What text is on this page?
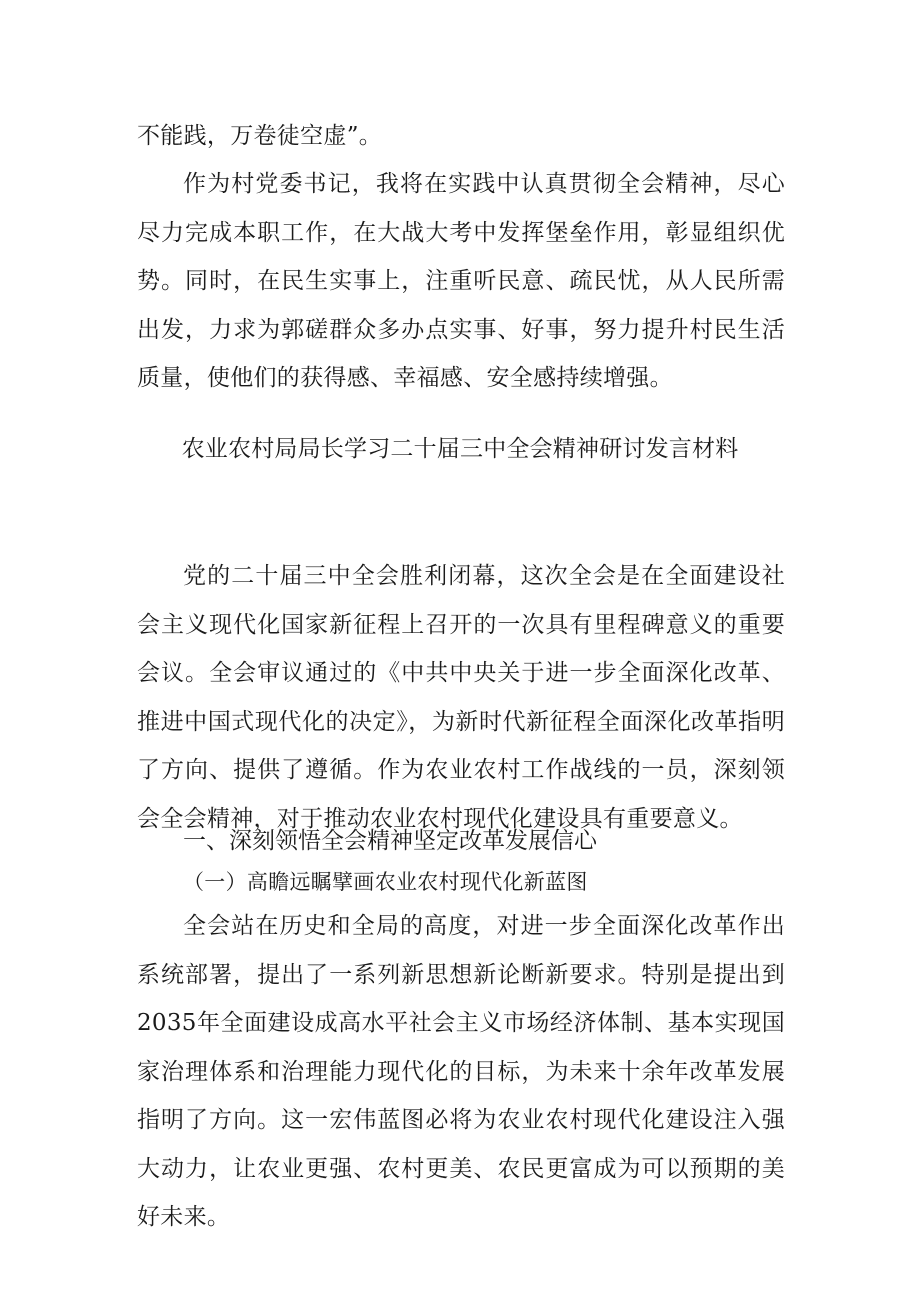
不能践，万卷徒空虚”。

作为村党委书记，我将在实践中认真贯彻全会精神，尽心尽力完成本职工作，在大战大考中发挥堡垒作用，彰显组织优势。同时，在民生实事上，注重听民意、疏民忧，从人民所需出发，力求为郭磋群众多办点实事、好事，努力提升村民生活质量，使他们的获得感、幸福感、安全感持续增强。

农业农村局局长学习二十届三中全会精神研讨发言材料

党的二十届三中全会胜利闭幕，这次全会是在全面建设社会主义现代化国家新征程上召开的一次具有里程碑意义的重要会议。全会审议通过的《中共中央关于进一步全面深化改革、推进中国式现代化的决定》，为新时代新征程全面深化改革指明了方向、提供了遵循。作为农业农村工作战线的一员，深刻领会全会精神，对于推动农业农村现代化建设具有重要意义。

一、深刻领悟全会精神坚定改革发展信心
（一）高瞻远瞩擘画农业农村现代化新蓝图

全会站在历史和全局的高度，对进一步全面深化改革作出系统部署，提出了一系列新思想新论断新要求。特别是提出到2035年全面建设成高水平社会主义市场经济体制、基本实现国家治理体系和治理能力现代化的目标，为未来十余年改革发展指明了方向。这一宏伟蓝图必将为农业农村现代化建设注入强大动力，让农业更强、农村更美、农民更富成为可以预期的美好未来。
